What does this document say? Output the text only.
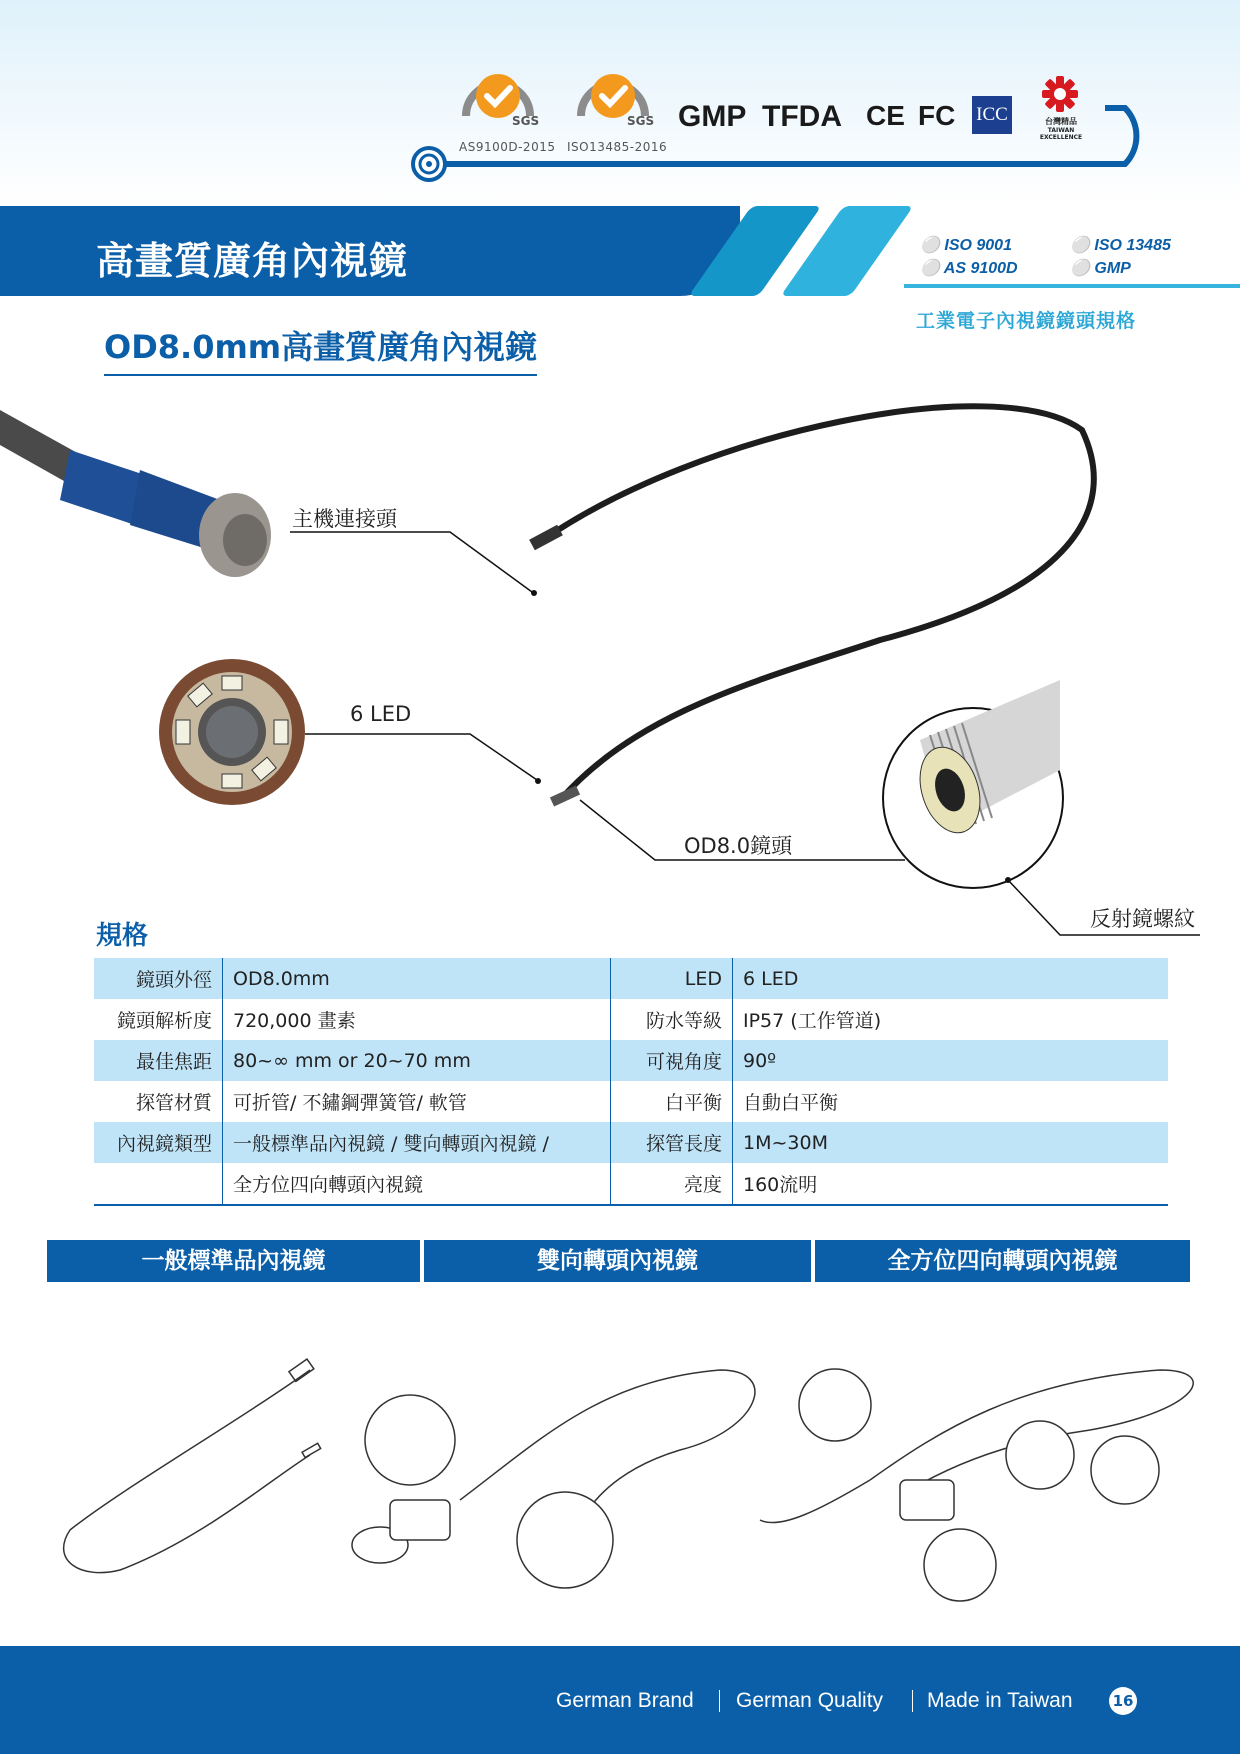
SGS
AS9100D-2015
SGS
ISO13485-2016
GMP TFDA CE FC ICC	台灣精品
TAIWAN EXCELLENCE
高畫質廣角內視鏡	⚪ ISO 9001	⚪ ISO 13485
⚪ AS 9100D	⚪ GMP
工業電子內視鏡鏡頭規格
OD8.0mm高畫質廣角內視鏡
主機連接頭
6 LED
OD8.0鏡頭
反射鏡螺紋
規格
鏡頭外徑	OD8.0mm	LED	6 LED
鏡頭解析度	720,000 畫素	防水等級	IP57 (工作管道)
最佳焦距	80~∞ mm or 20~70 mm	可視角度	90º
探管材質	可折管/ 不鏽鋼彈簧管/ 軟管	白平衡	自動白平衡
內視鏡類型	一般標準品內視鏡 / 雙向轉頭內視鏡 /	探管長度	1M~30M
	全方位四向轉頭內視鏡	亮度	160流明
一般標準品內視鏡	雙向轉頭內視鏡	全方位四向轉頭內視鏡
German Brand German Quality Made in Taiwan	16
